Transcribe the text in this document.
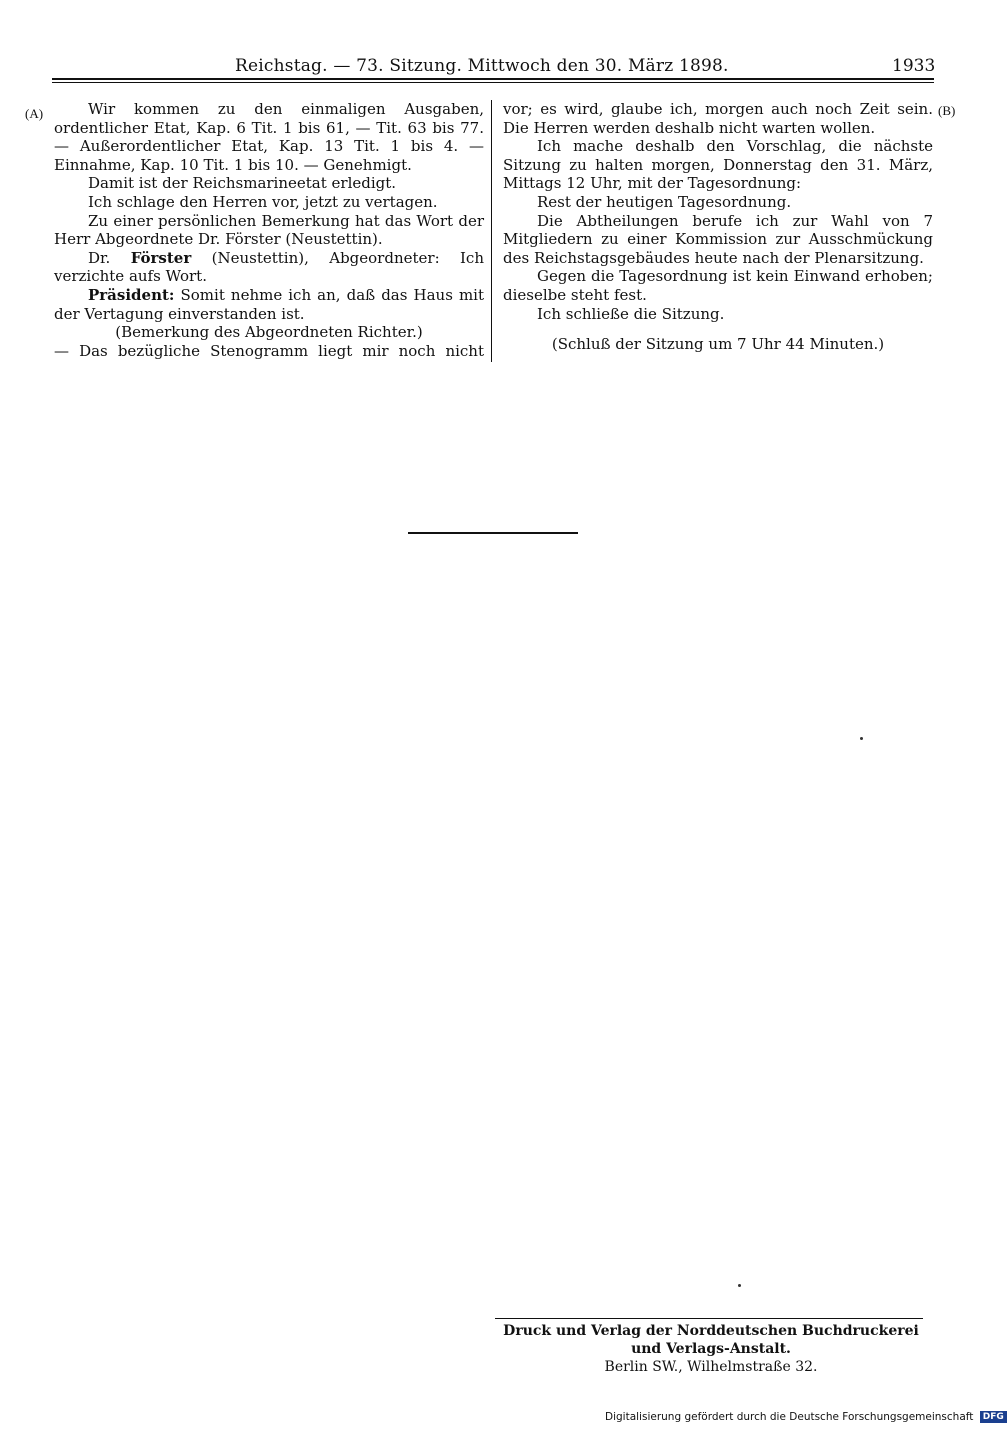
Reichstag. — 73. Sitzung. Mittwoch den 30. März 1898.	1933
(A)	(B)

Wir kommen zu den einmaligen Ausgaben, ordentlicher Etat, Kap. 6 Tit. 1 bis 61, — Tit. 63 bis 77. — Außerordentlicher Etat, Kap. 13 Tit. 1 bis 4. — Einnahme, Kap. 10 Tit. 1 bis 10. — Genehmigt.

Damit ist der Reichsmarineetat erledigt.

Ich schlage den Herren vor, jetzt zu vertagen.

Zu einer persönlichen Bemerkung hat das Wort der Herr Abgeordnete Dr. Förster (Neustettin).

Dr. Förster (Neustettin), Abgeordneter: Ich verzichte aufs Wort.

Präsident: Somit nehme ich an, daß das Haus mit der Vertagung einverstanden ist.

(Bemerkung des Abgeordneten Richter.)

— Das bezügliche Stenogramm liegt mir noch nicht

vor; es wird, glaube ich, morgen auch noch Zeit sein. Die Herren werden deshalb nicht warten wollen.

Ich mache deshalb den Vorschlag, die nächste Sitzung zu halten morgen, Donnerstag den 31. März, Mittags 12 Uhr, mit der Tagesordnung:

Rest der heutigen Tagesordnung.

Die Abtheilungen berufe ich zur Wahl von 7 Mitgliedern zu einer Kommission zur Ausschmückung des Reichstagsgebäudes heute nach der Plenarsitzung.

Gegen die Tagesordnung ist kein Einwand erhoben; dieselbe steht fest.

Ich schließe die Sitzung.

(Schluß der Sitzung um 7 Uhr 44 Minuten.)

Druck und Verlag der Norddeutschen Buchdruckerei und Verlags-Anstalt.
Berlin SW., Wilhelmstraße 32.
Digitalisierung gefördert durch die Deutsche Forschungsgemeinschaft DFG
